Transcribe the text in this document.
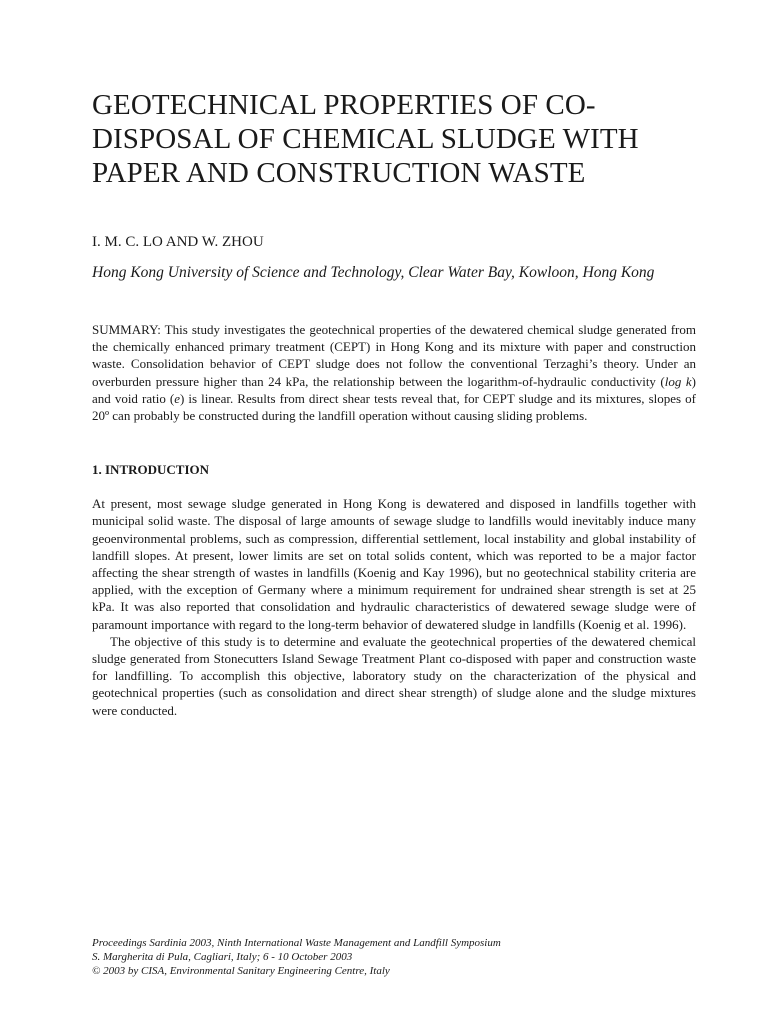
GEOTECHNICAL PROPERTIES OF CO-DISPOSAL OF CHEMICAL SLUDGE WITH PAPER AND CONSTRUCTION WASTE
I. M. C. LO AND W. ZHOU
Hong Kong University of Science and Technology, Clear Water Bay, Kowloon, Hong Kong

SUMMARY: This study investigates the geotechnical properties of the dewatered chemical sludge generated from the chemically enhanced primary treatment (CEPT) in Hong Kong and its mixture with paper and construction waste. Consolidation behavior of CEPT sludge does not follow the conventional Terzaghi’s theory. Under an overburden pressure higher than 24 kPa, the relationship between the logarithm-of-hydraulic conductivity (log k) and void ratio (e) is linear. Results from direct shear tests reveal that, for CEPT sludge and its mixtures, slopes of 20º can probably be constructed during the landfill operation without causing sliding problems.

1. INTRODUCTION

At present, most sewage sludge generated in Hong Kong is dewatered and disposed in landfills together with municipal solid waste. The disposal of large amounts of sewage sludge to landfills would inevitably induce many geoenvironmental problems, such as compression, differential settlement, local instability and global instability of landfill slopes. At present, lower limits are set on total solids content, which was reported to be a major factor affecting the shear strength of wastes in landfills (Koenig and Kay 1996), but no geotechnical stability criteria are applied, with the exception of Germany where a minimum requirement for undrained shear strength is set at 25 kPa. It was also reported that consolidation and hydraulic characteristics of dewatered sewage sludge were of paramount importance with regard to the long-term behavior of dewatered sludge in landfills (Koenig et al. 1996).

The objective of this study is to determine and evaluate the geotechnical properties of the dewatered chemical sludge generated from Stonecutters Island Sewage Treatment Plant co-disposed with paper and construction waste for landfilling. To accomplish this objective, laboratory study on the characterization of the physical and geotechnical properties (such as consolidation and direct shear strength) of sludge alone and the sludge mixtures were conducted.

Proceedings Sardinia 2003, Ninth International Waste Management and Landfill Symposium
S. Margherita di Pula, Cagliari, Italy; 6 - 10 October 2003
© 2003 by CISA, Environmental Sanitary Engineering Centre, Italy
